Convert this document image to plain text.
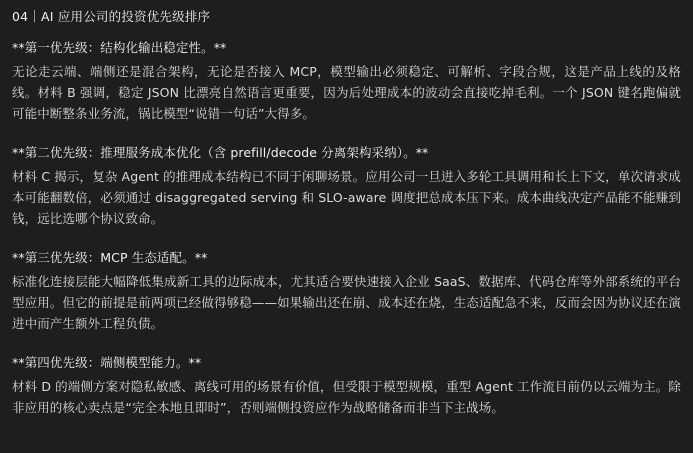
04｜AI 应用公司的投资优先级排序

**第一优先级：结构化输出稳定性。**

无论走云端、端侧还是混合架构，无论是否接入 MCP，模型输出必须稳定、可解析、字段合规，这是产品上线的及格线。材料 B 强调，稳定 JSON 比漂亮自然语言更重要，因为后处理成本的波动会直接吃掉毛利。一个 JSON 键名跑偏就可能中断整条业务流，锅比模型“说错一句话”大得多。

**第二优先级：推理服务成本优化（含 prefill/decode 分离架构采纳）。**

材料 C 揭示，复杂 Agent 的推理成本结构已不同于闲聊场景。应用公司一旦进入多轮工具调用和长上下文，单次请求成本可能翻数倍，必须通过 disaggregated serving 和 SLO-aware 调度把总成本压下来。成本曲线决定产品能不能赚到钱，远比选哪个协议致命。

**第三优先级：MCP 生态适配。**

标准化连接层能大幅降低集成新工具的边际成本，尤其适合要快速接入企业 SaaS、数据库、代码仓库等外部系统的平台型应用。但它的前提是前两项已经做得够稳——如果输出还在崩、成本还在烧，生态适配急不来，反而会因为协议还在演进中而产生额外工程负债。

**第四优先级：端侧模型能力。**

材料 D 的端侧方案对隐私敏感、离线可用的场景有价值，但受限于模型规模，重型 Agent 工作流目前仍以云端为主。除非应用的核心卖点是“完全本地且即时”，否则端侧投资应作为战略储备而非当下主战场。
